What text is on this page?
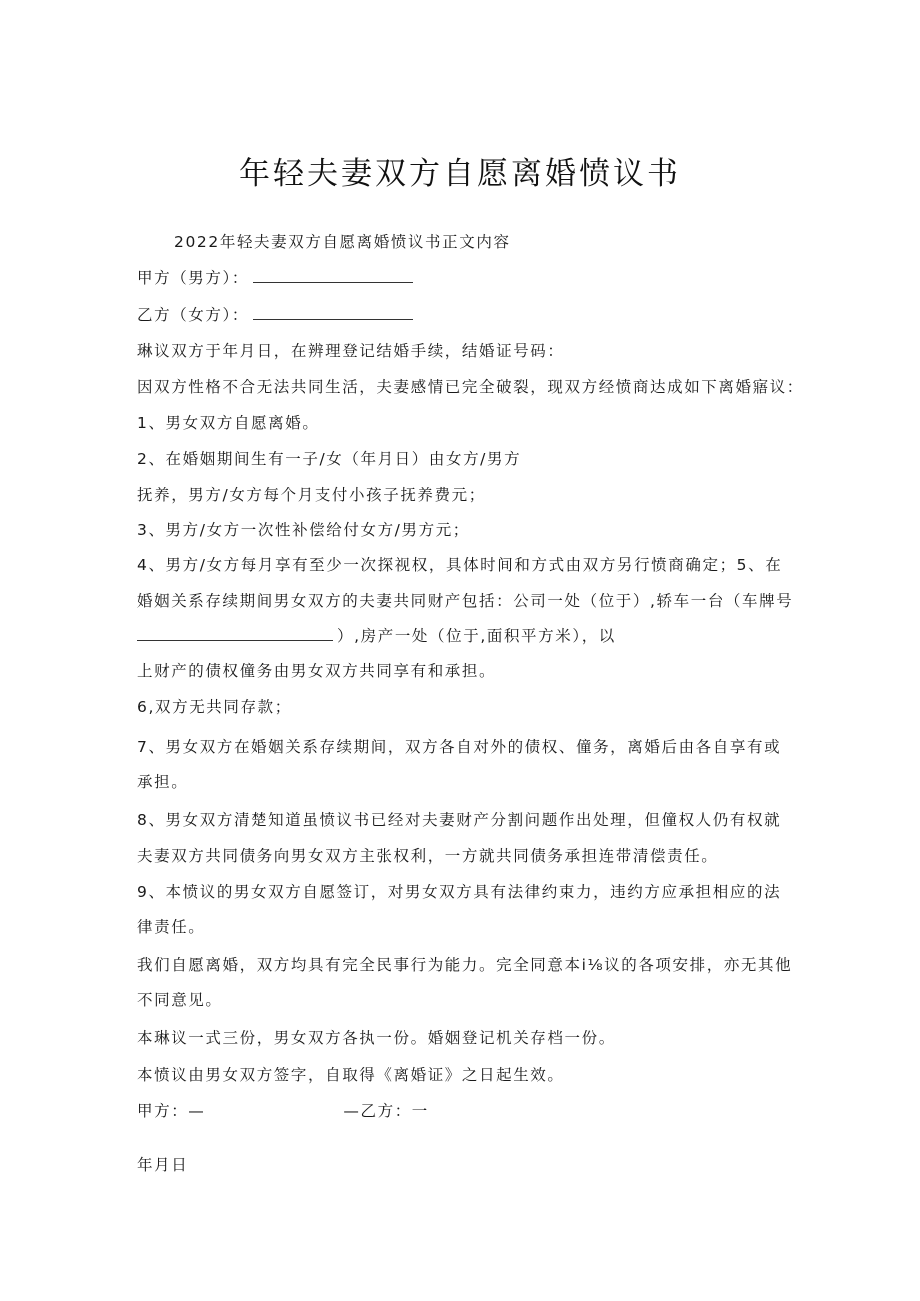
年轻夫妻双方自愿离婚愤议书
2022年轻夫妻双方自愿离婚愤议书正文内容
甲方（男方）：
乙方（女方）：
琳议双方于年月日，在辨理登记结婚手续，结婚证号码：
因双方性格不合无法共同生活，夫妻感情已完全破裂，现双方经愤商达成如下离婚寤议：
1、男女双方自愿离婚。
2、在婚姻期间生有一子/女（年月日）由女方/男方
抚养，男方/女方每个月支付小孩子抚养费元；
3、男方/女方一次性补偿给付女方/男方元；
4、男方/女方每月享有至少一次探视权，具体时间和方式由双方另行愤商确定；5、在
婚姻关系存续期间男女双方的夫妻共同财产包括：公司一处（位于）,轿车一台（车牌号
）,房产一处（位于,面积平方米），以
上财产的债权僮务由男女双方共同享有和承担。
6,双方无共同存款；
7、男女双方在婚姻关系存续期间，双方各自对外的债权、僮务，离婚后由各自享有或
承担。
8、男女双方清楚知道虽愤议书已经对夫妻财产分割问题作出处理，但僮权人仍有权就
夫妻双方共同债务向男女双方主张权利，一方就共同债务承担连带清偿责任。
9、本愤议的男女双方自愿签订，对男女双方具有法律约束力，违约方应承担相应的法
律责任。
我们自愿离婚，双方均具有完全民事行为能力。完全同意本i⅛议的各项安排，亦无其他
不同意见。
本琳议一式三份，男女双方各执一份。婚姻登记机关存档一份。
本愤议由男女双方签字，自取得《离婚证》之日起生效。
甲方：—	—乙方：一
年月日
